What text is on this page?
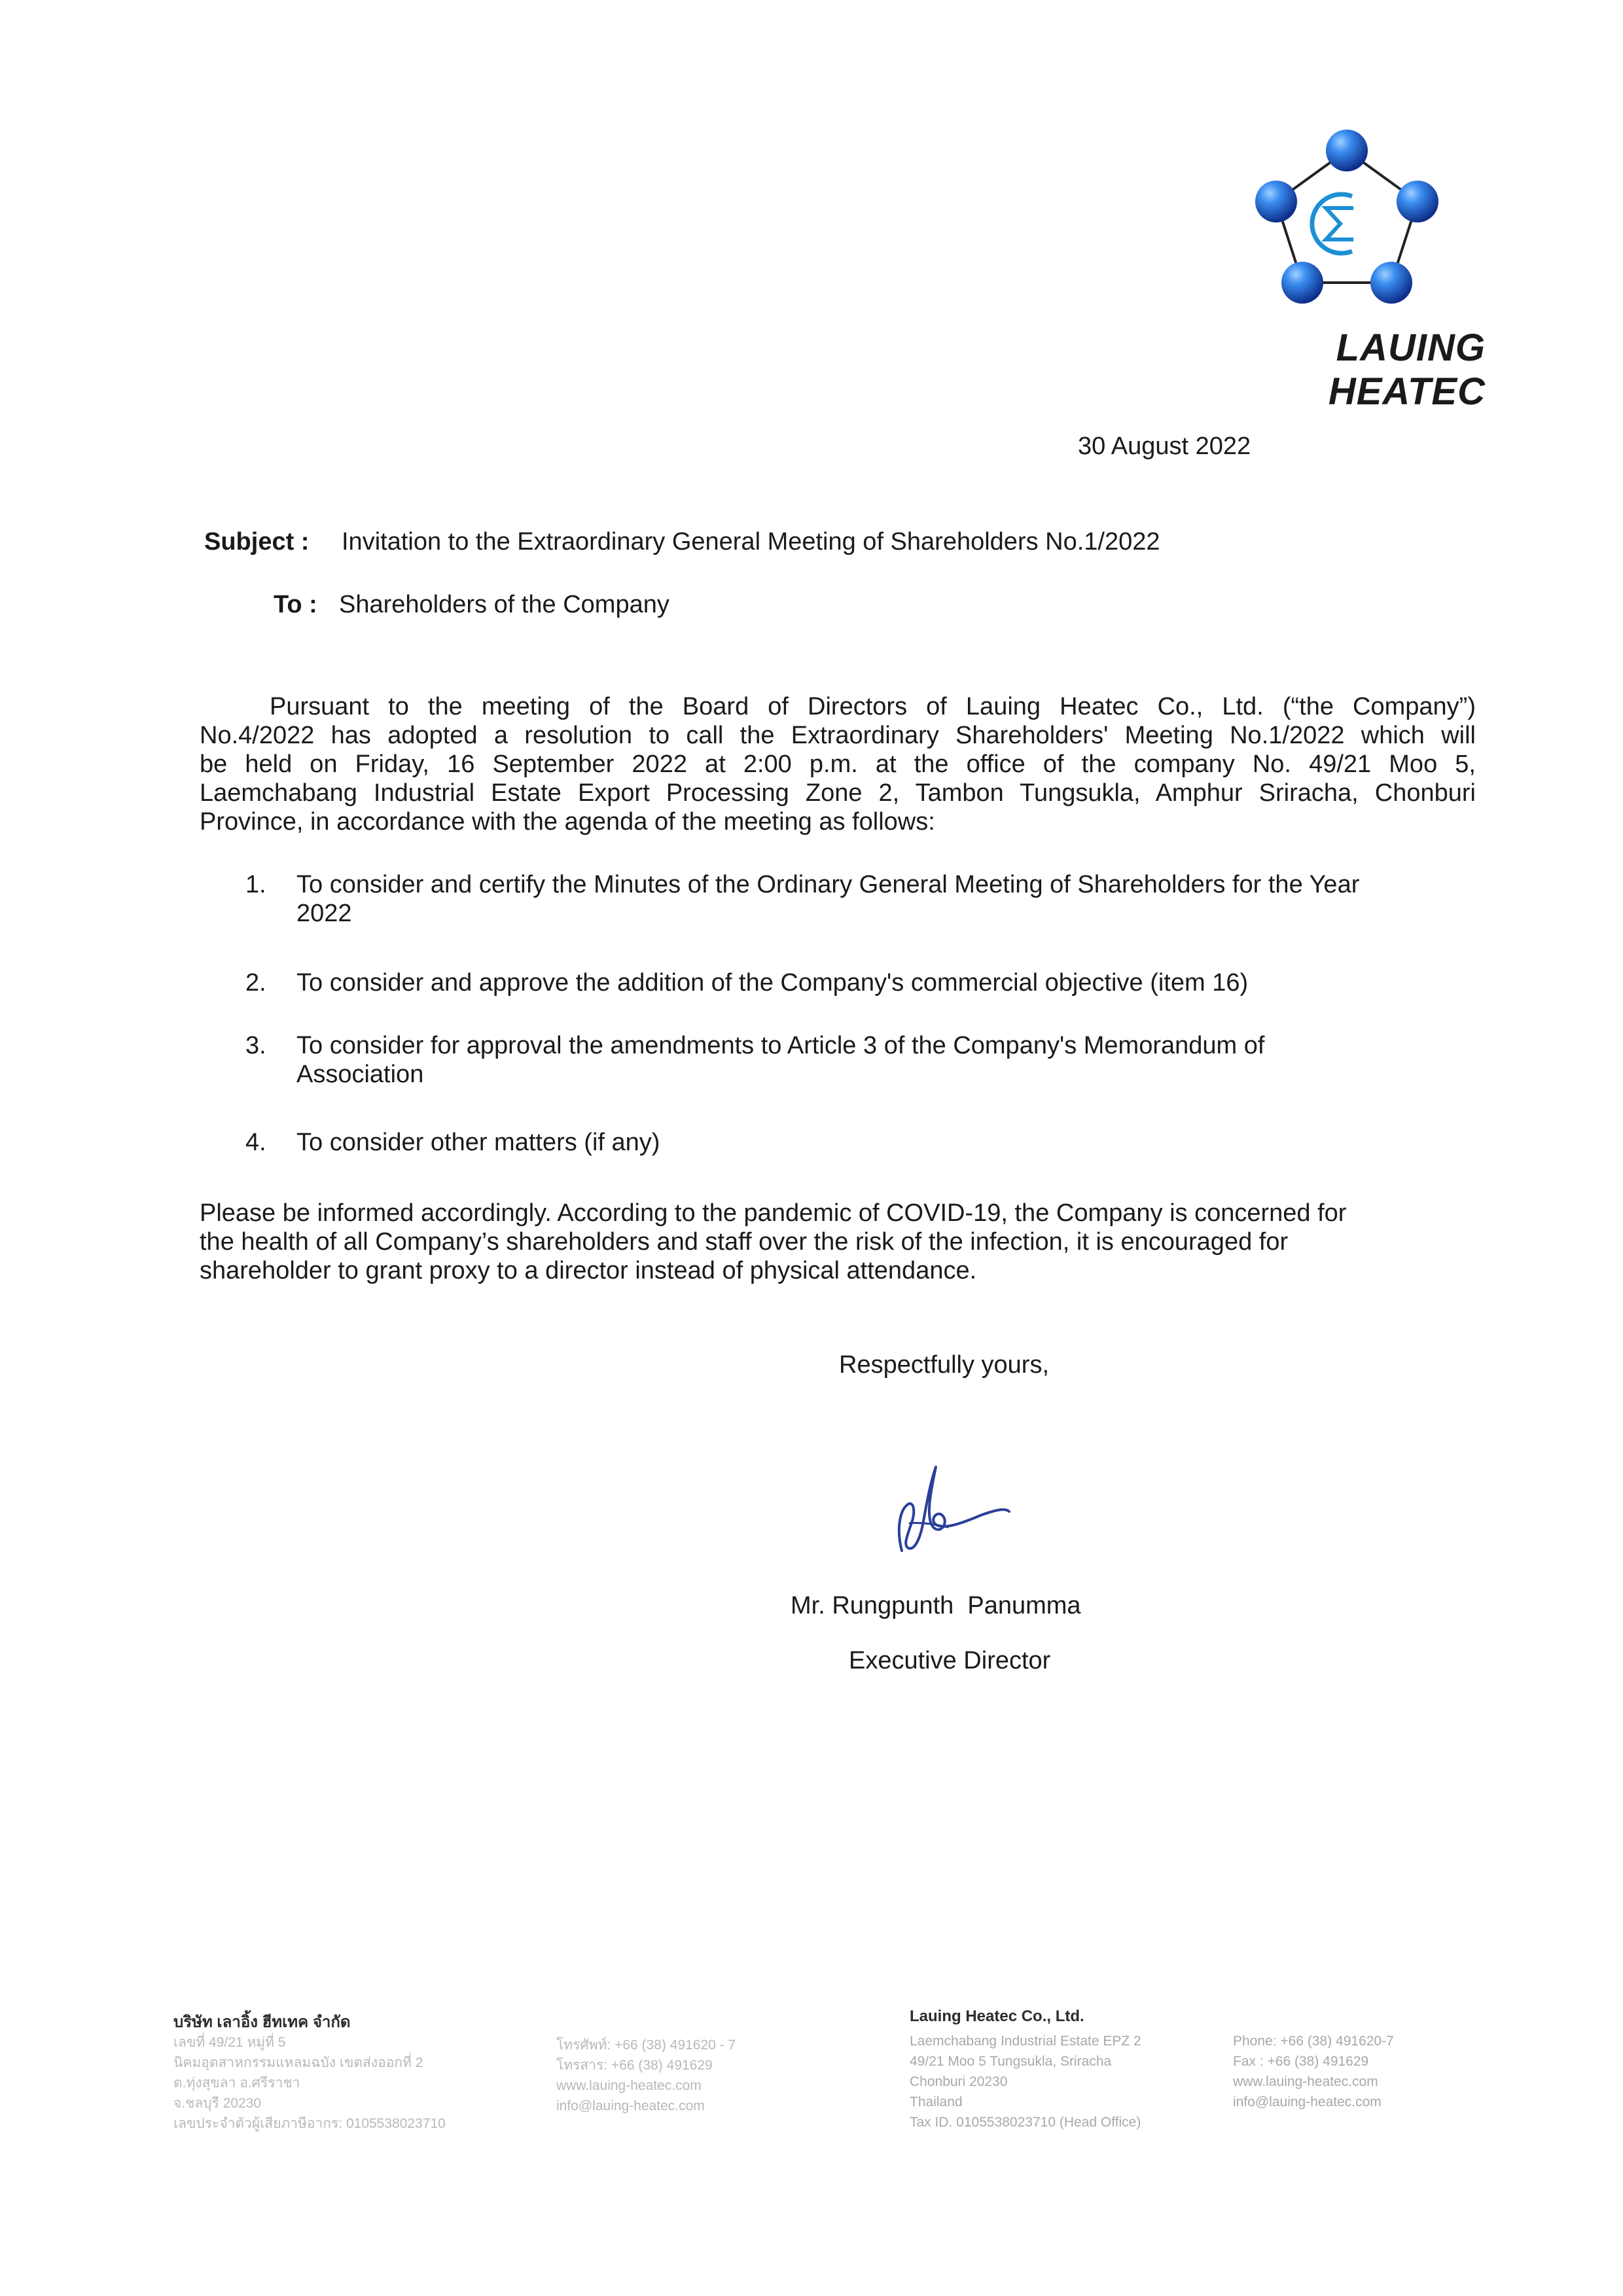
LAUING HEATEC
30 August 2022
Subject : Invitation to the Extraordinary General Meeting of Shareholders No.1/2022
To : Shareholders of the Company
Pursuant to the meeting of the Board of Directors of Lauing Heatec Co., Ltd. (“the Company”)
No.4/2022 has adopted a resolution to call the Extraordinary Shareholders' Meeting No.1/2022 which will
be held on Friday, 16 September 2022 at 2:00 p.m. at the office of the company No. 49/21 Moo 5,
Laemchabang Industrial Estate Export Processing Zone 2, Tambon Tungsukla, Amphur Sriracha, Chonburi
Province, in accordance with the agenda of the meeting as follows:
1. To consider and certify the Minutes of the Ordinary General Meeting of Shareholders for the Year
2022
2. To consider and approve the addition of the Company's commercial objective (item 16)
3. To consider for approval the amendments to Article 3 of the Company's Memorandum of
Association
4. To consider other matters (if any)
Please be informed accordingly. According to the pandemic of COVID-19, the Company is concerned for
the health of all Company’s shareholders and staff over the risk of the infection, it is encouraged for
shareholder to grant proxy to a director instead of physical attendance.
Respectfully yours,
Mr. Rungpunth  Panumma
Executive Director
บริษัท เลาอิ้ง ฮีทเทค จำกัด
เลขที่ 49/21 หมู่ที่ 5
นิคมอุตสาหกรรมแหลมฉบัง เขตส่งออกที่ 2
ต.ทุ่งสุขลา อ.ศรีราชา
จ.ชลบุรี 20230
เลขประจำตัวผู้เสียภาษีอากร: 0105538023710
โทรศัพท์: +66 (38) 491620 - 7
โทรสาร: +66 (38) 491629
www.lauing-heatec.com
info@lauing-heatec.com
Lauing Heatec Co., Ltd.
Laemchabang Industrial Estate EPZ 2
49/21 Moo 5 Tungsukla, Sriracha
Chonburi 20230
Thailand
Tax ID. 0105538023710 (Head Office)
Phone: +66 (38) 491620-7
Fax : +66 (38) 491629
www.lauing-heatec.com
info@lauing-heatec.com
